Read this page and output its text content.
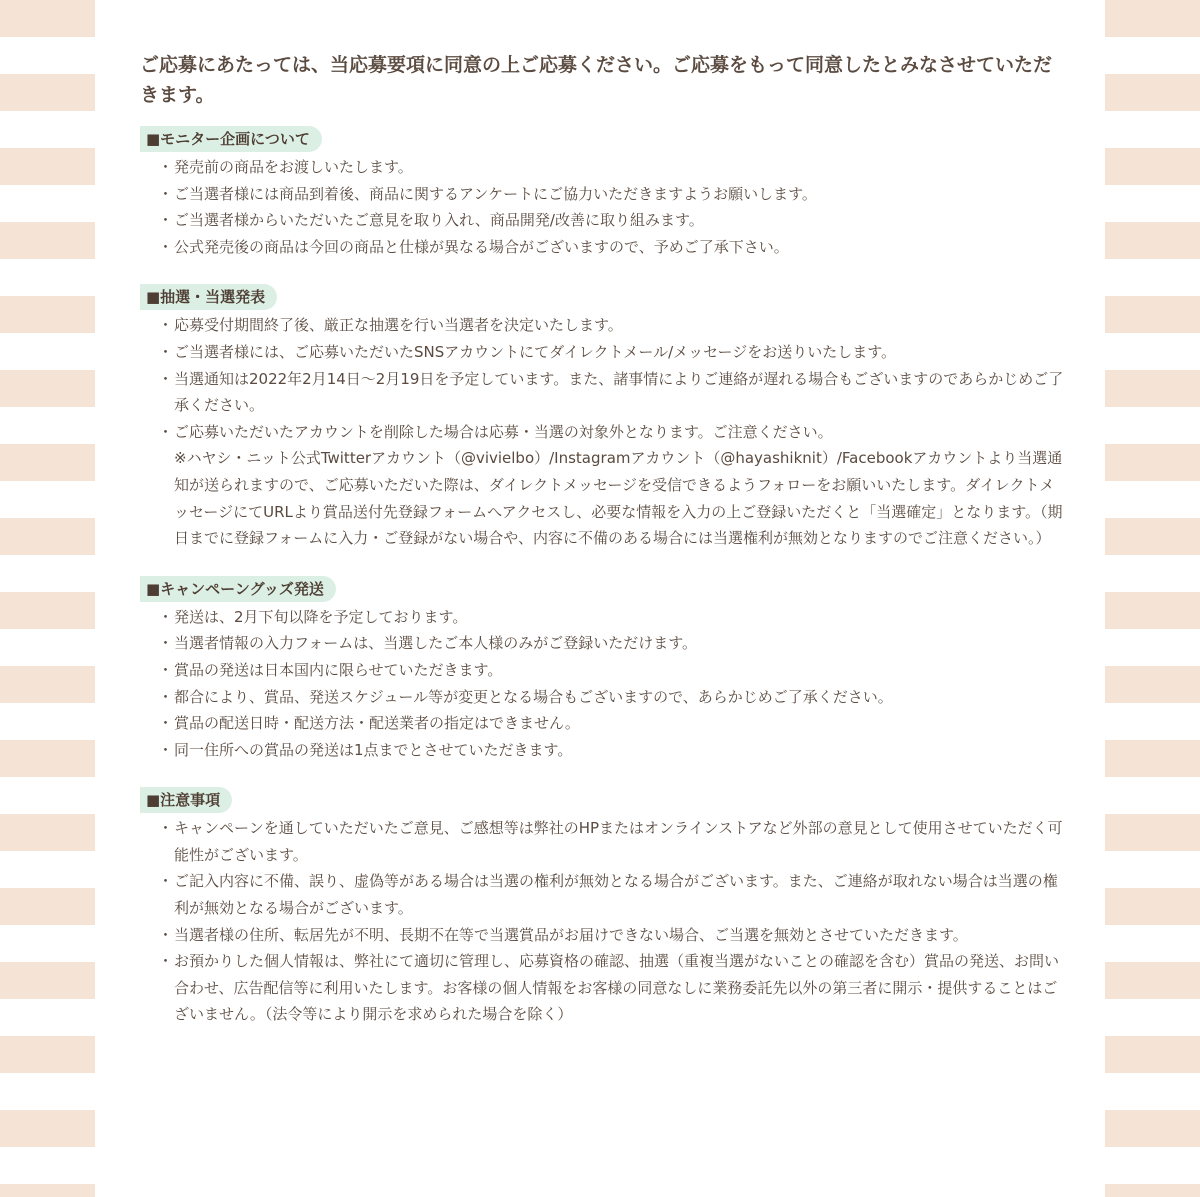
ご応募にあたっては、当応募要項に同意の上ご応募ください。ご応募をもって同意したとみなさせていただきます。

■モニター企画について
・ 発売前の商品をお渡しいたします。
・ ご当選者様には商品到着後、商品に関するアンケートにご協力いただきますようお願いします。
・ ご当選者様からいただいたご意見を取り入れ、商品開発/改善に取り組みます。
・ 公式発売後の商品は今回の商品と仕様が異なる場合がございますので、予めご了承下さい。
■抽選・当選発表
・ 応募受付期間終了後、厳正な抽選を行い当選者を決定いたします。
・ ご当選者様には、ご応募いただいたSNSアカウントにてダイレクトメール/メッセージをお送りいたします。
・ 当選通知は2022年2月14日〜2月19日を予定しています。また、諸事情によりご連絡が遅れる場合もございますのであらかじめご了承ください。
・ ご応募いただいたアカウントを削除した場合は応募・当選の対象外となります。ご注意ください。
※ハヤシ・ニット公式Twitterアカウント（@vivielbo）/Instagramアカウント（@hayashiknit）/Facebookアカウントより当選通知が送られますので、ご応募いただいた際は、ダイレクトメッセージを受信できるようフォローをお願いいたします。ダイレクトメッセージにてURLより賞品送付先登録フォームへアクセスし、必要な情報を入力の上ご登録いただくと「当選確定」となります。（期日までに登録フォームに入力・ご登録がない場合や、内容に不備のある場合には当選権利が無効となりますのでご注意ください。）
■キャンペーングッズ発送
・ 発送は、2月下旬以降を予定しております。
・ 当選者情報の入力フォームは、当選したご本人様のみがご登録いただけます。
・ 賞品の発送は日本国内に限らせていただきます。
・ 都合により、賞品、発送スケジュール等が変更となる場合もございますので、あらかじめご了承ください。
・ 賞品の配送日時・配送方法・配送業者の指定はできません。
・ 同一住所への賞品の発送は1点までとさせていただきます。
■注意事項
・ キャンペーンを通していただいたご意見、ご感想等は弊社のHPまたはオンラインストアなど外部の意見として使用させていただく可能性がございます。
・ ご記入内容に不備、誤り、虚偽等がある場合は当選の権利が無効となる場合がございます。また、ご連絡が取れない場合は当選の権利が無効となる場合がございます。
・ 当選者様の住所、転居先が不明、長期不在等で当選賞品がお届けできない場合、ご当選を無効とさせていただきます。
・ お預かりした個人情報は、弊社にて適切に管理し、応募資格の確認、抽選（重複当選がないことの確認を含む）賞品の発送、お問い合わせ、広告配信等に利用いたします。お客様の個人情報をお客様の同意なしに業務委託先以外の第三者に開示・提供することはございません。（法令等により開示を求められた場合を除く）
